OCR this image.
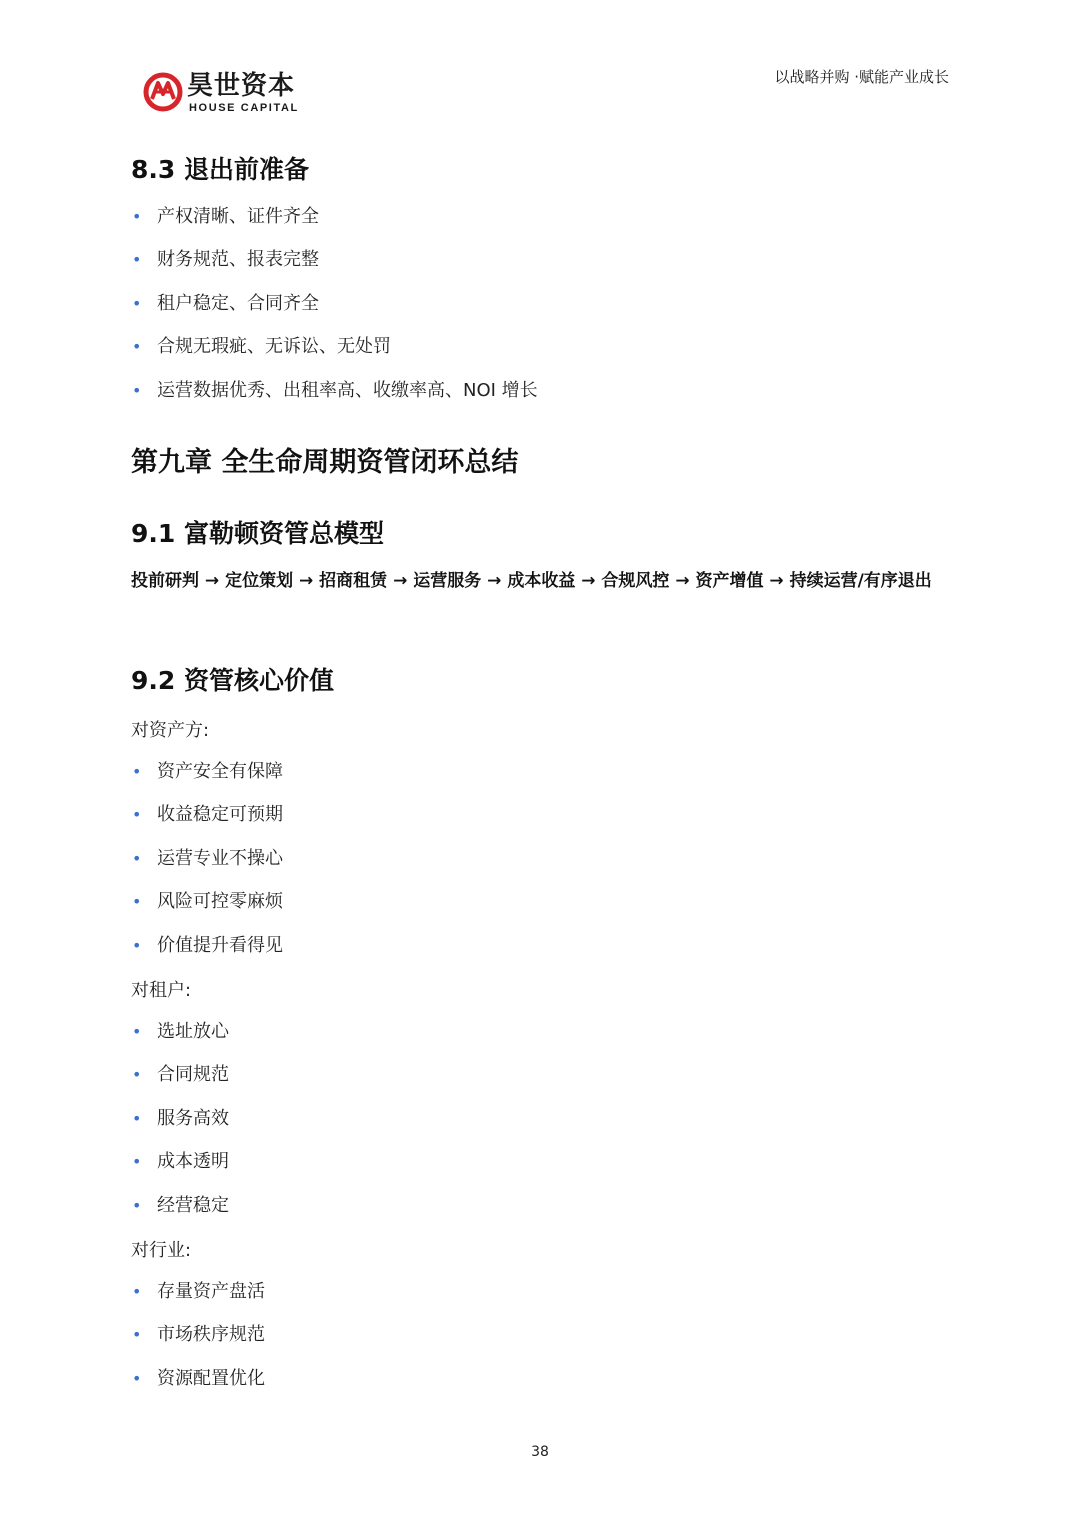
昊世资本
HOUSE CAPITAL
以战略并购 ·赋能产业成长
8.3 退出前准备
• 产权清晰、证件齐全
• 财务规范、报表完整
• 租户稳定、合同齐全
• 合规无瑕疵、无诉讼、无处罚
• 运营数据优秀、出租率高、收缴率高、NOI 增长
第九章 全生命周期资管闭环总结
9.1 富勒顿资管总模型
投前研判 → 定位策划 → 招商租赁 → 运营服务 → 成本收益 → 合规风控 → 资产增值 → 持续运营/有序退出
9.2 资管核心价值
对资产方:
• 资产安全有保障
• 收益稳定可预期
• 运营专业不操心
• 风险可控零麻烦
• 价值提升看得见
对租户:
• 选址放心
• 合同规范
• 服务高效
• 成本透明
• 经营稳定
对行业:
• 存量资产盘活
• 市场秩序规范
• 资源配置优化
38
